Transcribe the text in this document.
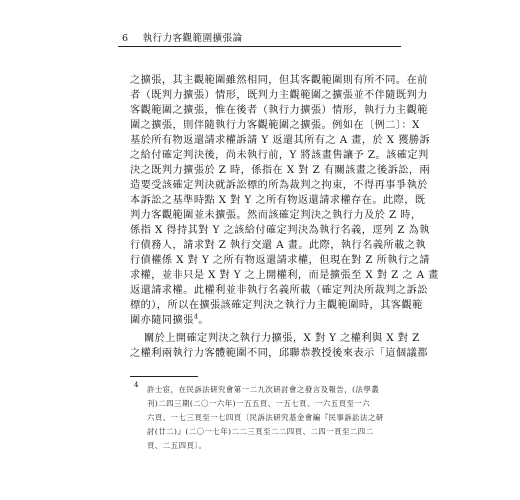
6 執行力客觀範圍擴張論
之擴張，其主觀範圍雖然相同，但其客觀範圍則有所不同。在前
者（既判力擴張）情形，既判力主觀範圍之擴張並不伴隨既判力
客觀範圍之擴張，惟在後者（執行力擴張）情形，執行力主觀範
圍之擴張，則伴隨執行力客觀範圍之擴張。例如在〔例二〕：X
基於所有物返還請求權訴請 Y 返還其所有之 A 畫，於 X 獲勝訴
之給付確定判決後，尚未執行前，Y 將該畫售讓予 Z。該確定判
決之既判力擴張於 Z 時，係指在 X 對 Z 有關該畫之後訴訟，兩
造要受該確定判決就訴訟標的所為裁判之拘束，不得再事爭執於
本訴訟之基準時點 X 對 Y 之所有物返還請求權存在。此際，既
判力客觀範圍並未擴張。然而該確定判決之執行力及於 Z 時，
係指 X 得持其對 Y 之該給付確定判決為執行名義，逕列 Z 為執
行債務人，請求對 Z 執行交還 A 畫。此際，執行名義所載之執
行債權係 X 對 Y 之所有物返還請求權，但現在對 Z 所執行之請
求權，並非只是 X 對 Y 之上開權利，而是擴張至 X 對 Z 之 A 畫
返還請求權。此權利並非執行名義所載（確定判決所裁判之訴訟
標的），所以在擴張該確定判決之執行力主觀範圍時，其客觀範
圍亦隨同擴張$^4$。
關於上開確定判決之執行力擴張，X 對 Y 之權利與 X 對 Z
之權利兩執行力客體範圍不同，邱聯恭教授後來表示「這個議都
4 許士宦，在民訴法研究會第一二九次研討會之發言及報告，(法學叢
刊)二四三期(二〇一六年)一五五頁、一五七頁、一六五頁至一六
六頁、一七三頁至一七四頁〔民訴法研究基金會編『民事訴訟法之研
討(廿二)』(二〇一七年)二二三頁至二二四頁、二四一頁至二四二
頁、二五四頁〕。
